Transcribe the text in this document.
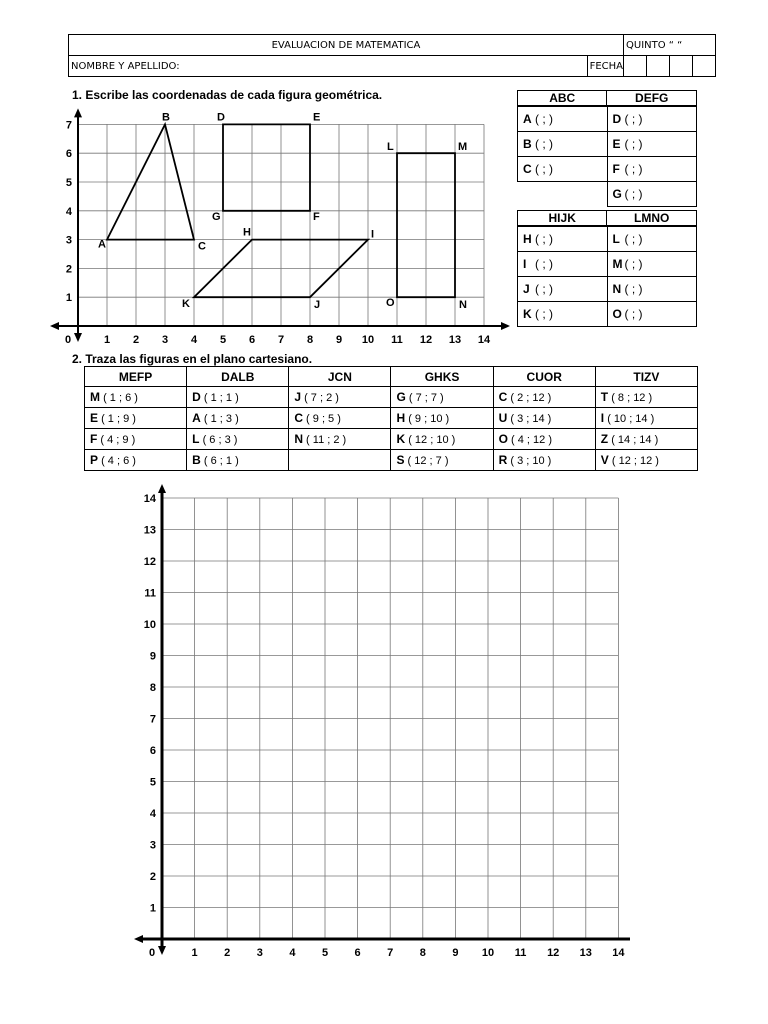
EVALUACION DE MATEMATICA		QUINTO “ “			
NOMBRE Y APELLIDO:	FECHA				
1. Escribe las coordenadas de cada figura geométrica.
0	1 2 3 4 5 6 7 8 9 10 11 12 13 14
1
2
3
4
5
6
7
A
B
C
D	E
F
G
H	I
J
K
L	M
N
O
ABC	DEFG
A ( ; )	D ( ; )
B ( ; )	E ( ; )
C ( ; )	F ( ; )
	G ( ; )
HIJK	LMNO
H ( ; )	L ( ; )
I ( ; )	M ( ; )
J ( ; )	N ( ; )
K ( ; )	O ( ; )
2. Traza las figuras en el plano cartesiano.
MEFP	DALB	JCN	GHKS	CUOR	TIZV
M ( 1 ; 6 )	D ( 1 ; 1 )	J ( 7 ; 2 )	G ( 7 ; 7 )	C ( 2 ; 12 )	T ( 8 ; 12 )
E ( 1 ; 9 )	A ( 1 ; 3 )	C ( 9 ; 5 )	H ( 9 ; 10 )	U ( 3 ; 14 )	I ( 10 ; 14 )
F ( 4 ; 9 )	L ( 6 ; 3 )	N ( 11 ; 2 )	K ( 12 ; 10 )	O ( 4 ; 12 )	Z ( 14 ; 14 )
P ( 4 ; 6 )	B ( 6 ; 1 )		S ( 12 ; 7 )	R ( 3 ; 10 )	V ( 12 ; 12 )
0	1 2 3 4 5 6 7 8 9 10 11 12 13 14
1
2
3
4
5
6
7
8
9
10
11
12
13
14
